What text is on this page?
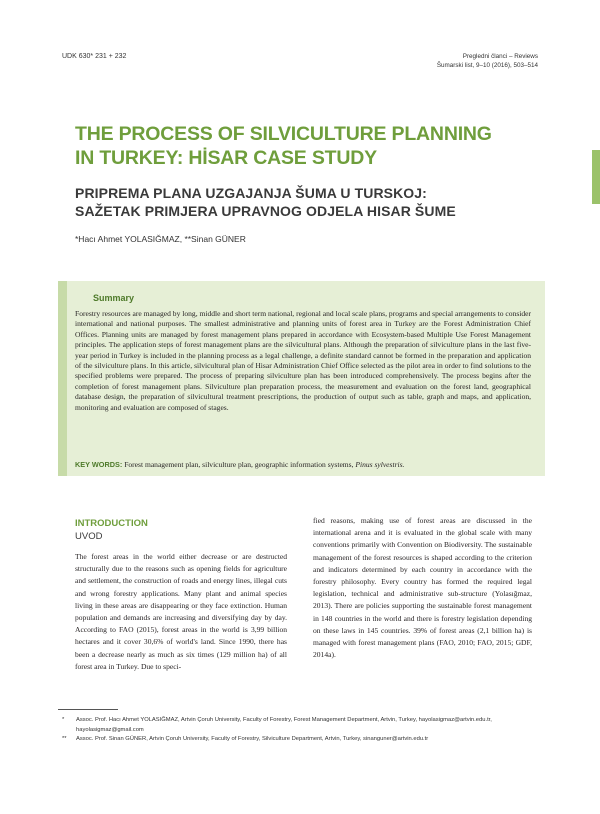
UDK 630* 231 + 232	Pregledni članci – Reviews
Šumarski list, 9–10 (2016), 503–514
THE PROCESS OF SILVICULTURE PLANNING
IN TURKEY: HİSAR CASE STUDY
PRIPREMA PLANA UZGAJANJA ŠUMA U TURSKOJ:
SAŽETAK PRIMJERA UPRAVNOG ODJELA HISAR ŠUME
*Hacı Ahmet YOLASIĞMAZ, **Sinan GÜNER
Summary

Forestry resources are managed by long, middle and short term national, regional and local scale plans, programs and special arrangements to consider international and national purposes. The smallest administrative and planning units of forest area in Turkey are the Forest Administration Chief Offices. Planning units are managed by forest management plans prepared in accordance with Ecosystem-based Multiple Use Forest Management principles. The application steps of forest management plans are the silvicultural plans. Although the preparation of silviculture plans in the last five-year period in Turkey is included in the planning process as a legal challenge, a definite standard cannot be formed in the preparation and application of the silviculture plans. In this article, silvicultural plan of Hisar Administration Chief Office selected as the pilot area in order to find solutions to the specified problems were prepared. The process of preparing silviculture plan has been introduced comprehensively. The process begins after the completion of forest management plans. Silviculture plan preparation process, the measurement and evaluation on the forest land, geographical database design, the preparation of silvicultural treatment prescriptions, the production of output such as table, graph and maps, and application, monitoring and evaluation are composed of stages.

KEY WORDS: Forest management plan, silviculture plan, geographic information systems, Pinus sylvestris.

INTRODUCTION
UVOD

The forest areas in the world either decrease or are destructed structurally due to the reasons such as opening fields for agriculture and settlement, the construction of roads and energy lines, illegal cuts and wrong forestry applications. Many plant and animal species living in these areas are disappearing or they face extinction. Human population and demands are increasing and diversifying day by day. According to FAO (2015), forest areas in the world is 3,99 billion hectares and it cover 30,6% of world's land. Since 1990, there has been a decrease nearly as much as six times (129 million ha) of all forest area in Turkey. Due to speci-

fied reasons, making use of forest areas are discussed in the international arena and it is evaluated in the global scale with many conventions primarily with Convention on Biodiversity. The sustainable management of the forest resources is shaped according to the criterion and indicators determined by each country in accordance with the forestry philosophy. Every country has formed the required legal legislation, technical and administrative sub-structure (Yolasığmaz, 2013). There are policies supporting the sustainable forest management in 148 countries in the world and there is forestry legislation depending on these laws in 145 countries. 39% of forest areas (2,1 billion ha) is managed with forest management plans (FAO, 2010; FAO, 2015; GDF, 2014a).

* Assoc. Prof. Hacı Ahmet YOLASIĞMAZ, Artvin Çoruh University, Faculty of Forestry, Forest Management Department, Artvin, Turkey, hayolasigmaz@artvin.edu.tr, hayolasigmaz@gmail.com
** Assoc. Prof. Sinan GÜNER, Artvin Çoruh University, Faculty of Forestry, Silviculture Department, Artvin, Turkey, sinanguner@artvin.edu.tr
